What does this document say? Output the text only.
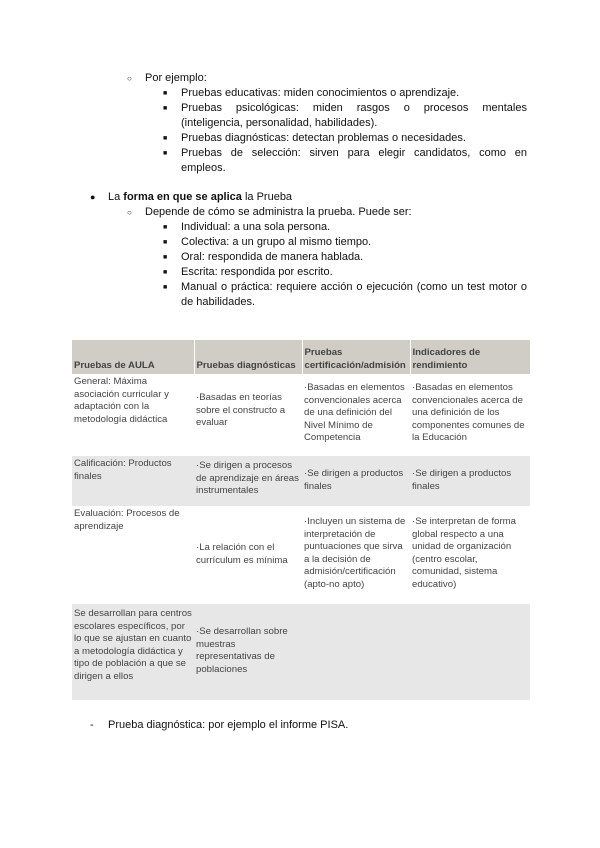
○ Por ejemplo:
■ Pruebas educativas: miden conocimientos o aprendizaje.
■ Pruebas psicológicas: miden rasgos o procesos mentales
(inteligencia, personalidad, habilidades).
■ Pruebas diagnósticas: detectan problemas o necesidades.
■ Pruebas de selección: sirven para elegir candidatos, como en
empleos.
● La forma en que se aplica la Prueba
○ Depende de cómo se administra la prueba. Puede ser:
■ Individual: a una sola persona.
■ Colectiva: a un grupo al mismo tiempo.
■ Oral: respondida de manera hablada.
■ Escrita: respondida por escrito.
■ Manual o práctica: requiere acción o ejecución (como un test motor o
de habilidades.
Pruebas de AULA	Pruebas diagnósticas	Pruebas certificación/admisión	Indicadores de rendimiento
General: Máxima asociación curricular y adaptación con la metodología didáctica	·Basadas en teorías sobre el constructo a evaluar	·Basadas en elementos convencionales acerca de una definición del Nivel Mínimo de Competencia	·Basadas en elementos convencionales acerca de una definición de los componentes comunes de la Educación
Calificación: Productos finales	·Se dirigen a procesos de aprendizaje en áreas instrumentales	·Se dirigen a productos finales	·Se dirigen a productos finales
Evaluación: Procesos de aprendizaje	·La relación con el currículum es mínima	·Incluyen un sistema de interpretación de puntuaciones que sirva a la decisión de admisión/certificación (apto-no apto)	·Se interpretan de forma global respecto a una unidad de organización (centro escolar, comunidad, sistema educativo)
Se desarrollan para centros escolares específicos, por lo que se ajustan en cuanto a metodología didáctica y tipo de población a que se dirigen a ellos	·Se desarrollan sobre muestras representativas de poblaciones		
- Prueba diagnóstica: por ejemplo el informe PISA.
